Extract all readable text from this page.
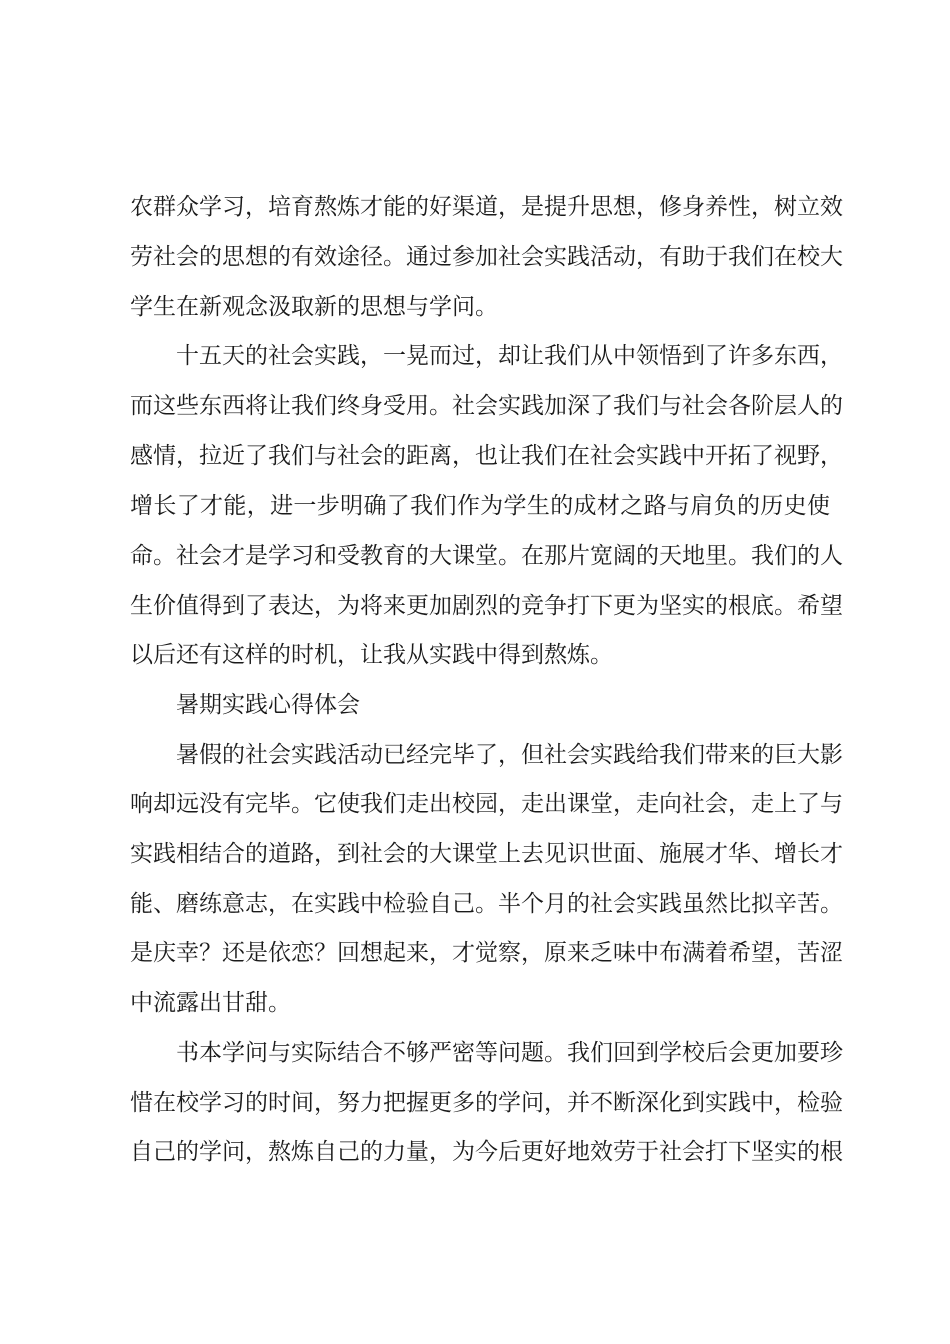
农群众学习，培育熬炼才能的好渠道，是提升思想，修身养性，树立效
劳社会的思想的有效途径。通过参加社会实践活动，有助于我们在校大
学生在新观念汲取新的思想与学问。
十五天的社会实践，一晃而过，却让我们从中领悟到了许多东西，
而这些东西将让我们终身受用。社会实践加深了我们与社会各阶层人的
感情，拉近了我们与社会的距离，也让我们在社会实践中开拓了视野，
增长了才能，进一步明确了我们作为学生的成材之路与肩负的历史使
命。社会才是学习和受教育的大课堂。在那片宽阔的天地里。我们的人
生价值得到了表达，为将来更加剧烈的竞争打下更为坚实的根底。希望
以后还有这样的时机，让我从实践中得到熬炼。
暑期实践心得体会
暑假的社会实践活动已经完毕了，但社会实践给我们带来的巨大影
响却远没有完毕。它使我们走出校园，走出课堂，走向社会，走上了与
实践相结合的道路，到社会的大课堂上去见识世面、施展才华、增长才
能、磨练意志，在实践中检验自己。半个月的社会实践虽然比拟辛苦。
是庆幸？还是依恋？回想起来，才觉察，原来乏味中布满着希望，苦涩
中流露出甘甜。
书本学问与实际结合不够严密等问题。我们回到学校后会更加要珍
惜在校学习的时间，努力把握更多的学问，并不断深化到实践中，检验
自己的学问，熬炼自己的力量，为今后更好地效劳于社会打下坚实的根
